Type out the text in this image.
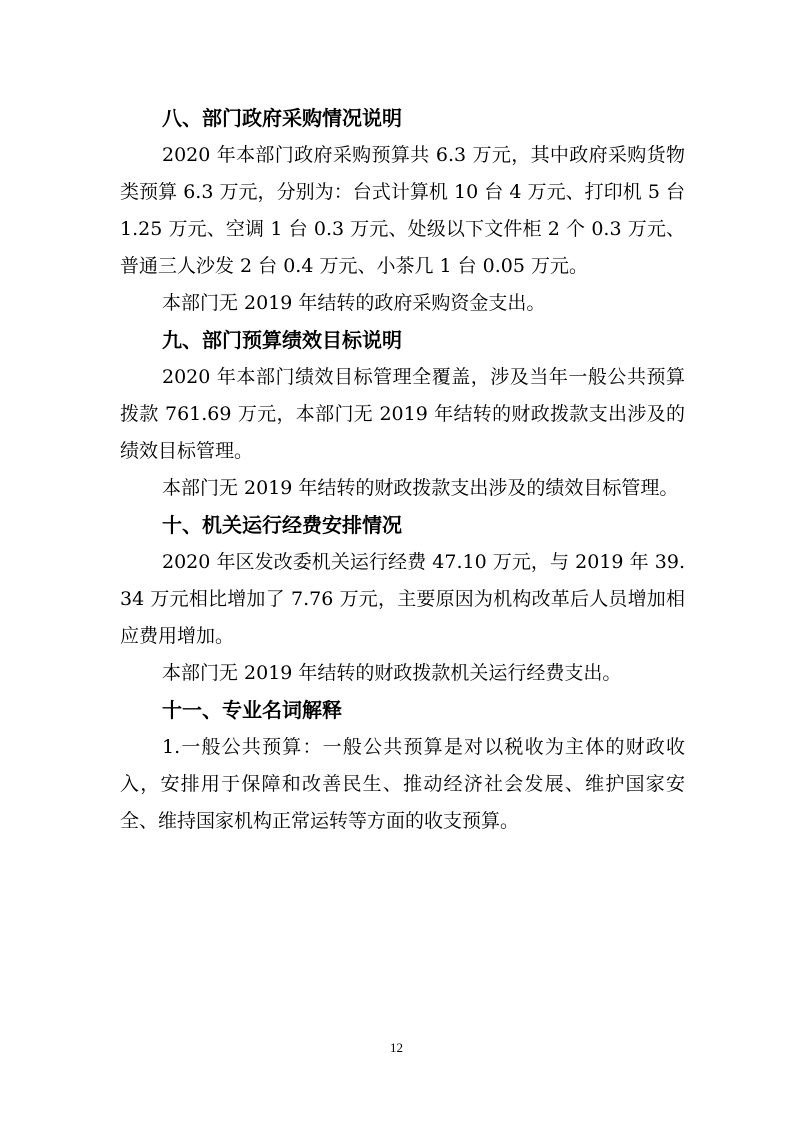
八、部门政府采购情况说明

2020 年本部门政府采购预算共 6.3 万元，其中政府采购货物类预算 6.3 万元，分别为：台式计算机 10 台 4 万元、打印机 5 台 1.25 万元、空调 1 台 0.3 万元、处级以下文件柜 2 个 0.3 万元、普通三人沙发 2 台 0.4 万元、小茶几 1 台 0.05 万元。

本部门无 2019 年结转的政府采购资金支出。

九、部门预算绩效目标说明

2020 年本部门绩效目标管理全覆盖，涉及当年一般公共预算拨款 761.69 万元，本部门无 2019 年结转的财政拨款支出涉及的绩效目标管理。

本部门无 2019 年结转的财政拨款支出涉及的绩效目标管理。

十、机关运行经费安排情况

2020 年区发改委机关运行经费 47.10 万元，与 2019 年 39.34 万元相比增加了 7.76 万元，主要原因为机构改革后人员增加相应费用增加。

本部门无 2019 年结转的财政拨款机关运行经费支出。

十一、专业名词解释

1.一般公共预算：一般公共预算是对以税收为主体的财政收入，安排用于保障和改善民生、推动经济社会发展、维护国家安全、维持国家机构正常运转等方面的收支预算。

12
